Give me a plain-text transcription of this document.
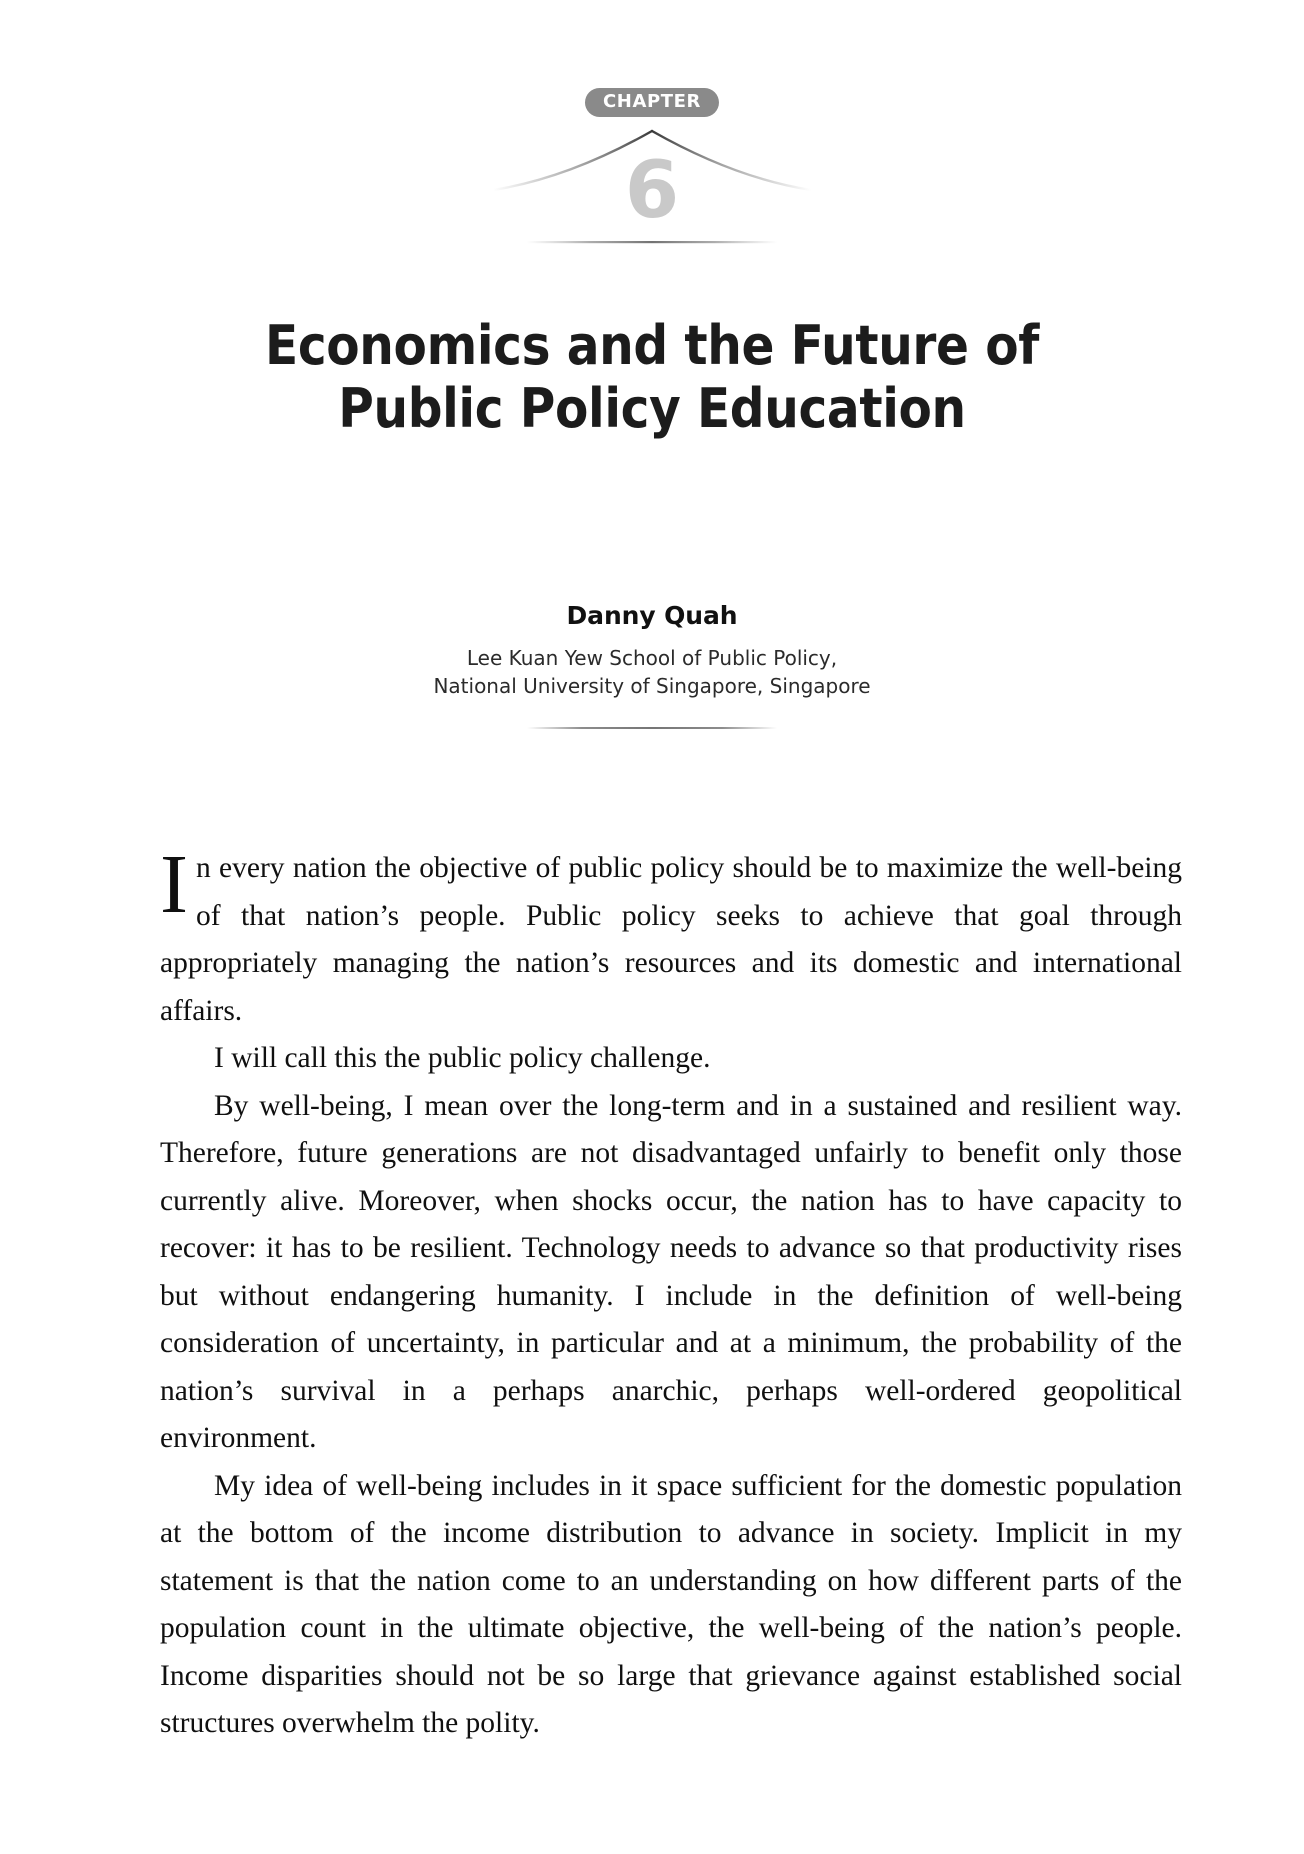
CHAPTER
6
Economics and the Future of
Public Policy Education
Danny Quah
Lee Kuan Yew School of Public Policy,
National University of Singapore, Singapore

In every nation the objective of public policy should be to maximize the well-being of that nation’s people. Public policy seeks to achieve that goal through appropriately managing the nation’s resources and its domestic and international affairs.

I will call this the public policy challenge.

By well-being, I mean over the long-term and in a sustained and resilient way. Therefore, future generations are not disadvantaged unfairly to benefit only those currently alive. Moreover, when shocks occur, the nation has to have capacity to recover: it has to be resilient. Technology needs to advance so that productivity rises but without endangering humanity. I include in the definition of well-being consideration of uncertainty, in particular and at a minimum, the probability of the nation’s survival in a perhaps anarchic, perhaps well-ordered geopolitical environment.

My idea of well-being includes in it space sufficient for the domestic population at the bottom of the income distribution to advance in society. Implicit in my statement is that the nation come to an understanding on how different parts of the population count in the ultimate objective, the well-being of the nation’s people. Income disparities should not be so large that grievance against established social structures overwhelm the polity.
